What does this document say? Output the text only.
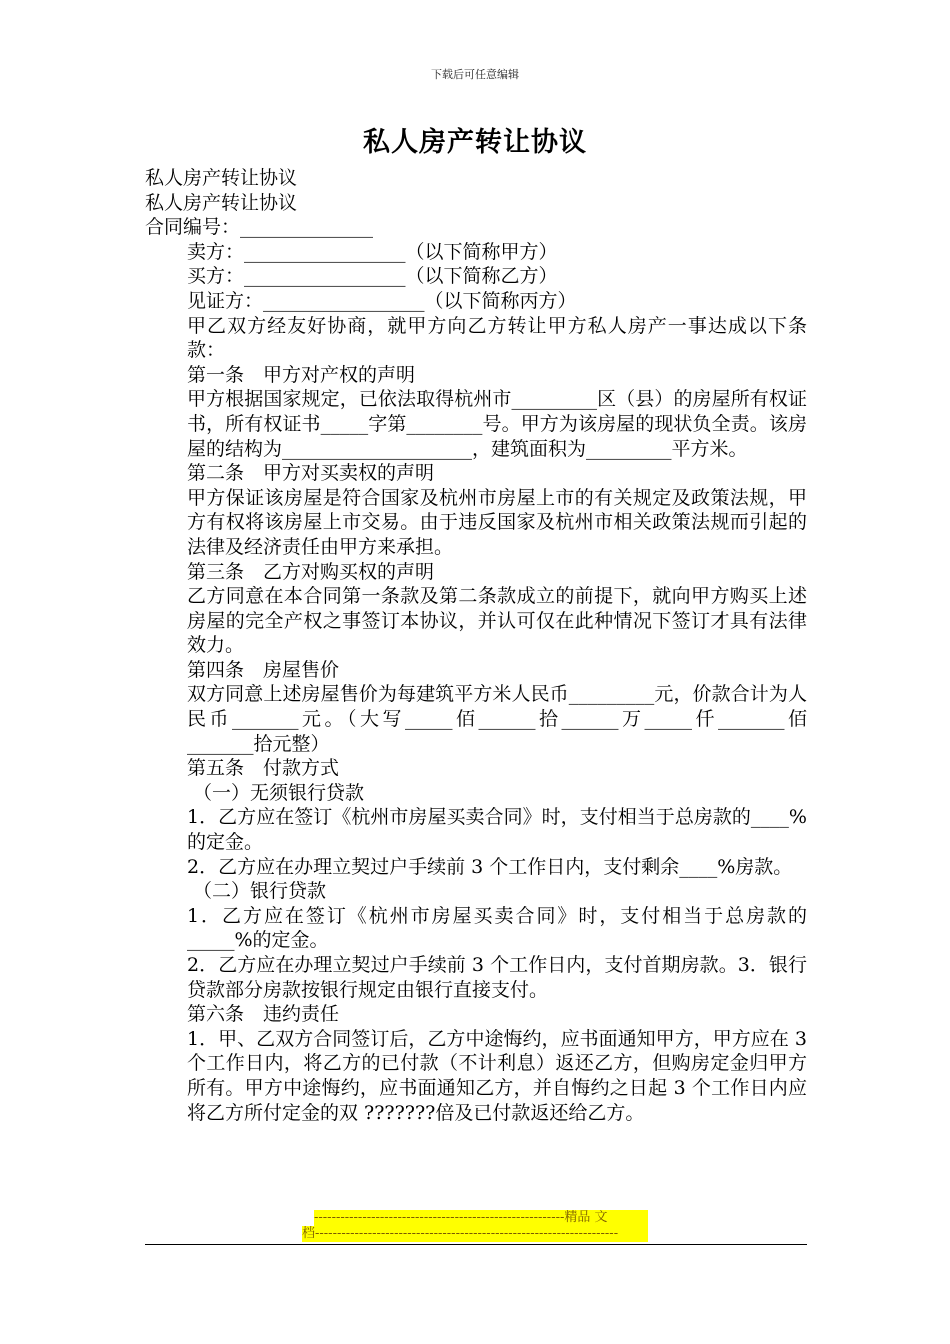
下载后可任意编辑
私人房产转让协议
私人房产转让协议
私人房产转让协议
合同编号：______________
卖方：_________________（以下简称甲方）
买方：_________________（以下简称乙方）
见证方：_________________（以下简称丙方）
甲乙双方经友好协商，就甲方向乙方转让甲方私人房产一事达成以下条款：
第一条　甲方对产权的声明
甲方根据国家规定，已依法取得杭州市_________区（县）的房屋所有权证书，所有权证书_____字第________号。甲方为该房屋的现状负全责。该房屋的结构为____________________，建筑面积为_________平方米。
第二条　甲方对买卖权的声明
甲方保证该房屋是符合国家及杭州市房屋上市的有关规定及政策法规，甲方有权将该房屋上市交易。由于违反国家及杭州市相关政策法规而引起的法律及经济责任由甲方来承担。
第三条　乙方对购买权的声明
乙方同意在本合同第一条款及第二条款成立的前提下，就向甲方购买上述房屋的完全产权之事签订本协议，并认可仅在此种情况下签订才具有法律效力。
第四条　房屋售价
双方同意上述房屋售价为每建筑平方米人民币_________元，价款合计为人民币_______元。（大写_____佰______拾______万_____仟_______佰_______拾元整）
第五条　付款方式
（一）无须银行贷款
1．乙方应在签订《杭州市房屋买卖合同》时，支付相当于总房款的____%的定金。
2．乙方应在办理立契过户手续前 3 个工作日内，支付剩余____%房款。
（二）银行贷款
1．乙方应在签订《杭州市房屋买卖合同》时，支付相当于总房款的_____%的定金。
2．乙方应在办理立契过户手续前 3 个工作日内，支付首期房款。3．银行贷款部分房款按银行规定由银行直接支付。
第六条　违约责任
1．甲、乙双方合同签订后，乙方中途悔约，应书面通知甲方，甲方应在 3 个工作日内，将乙方的已付款（不计利息）返还乙方，但购房定金归甲方所有。甲方中途悔约，应书面通知乙方，并自悔约之日起 3 个工作日内应将乙方所付定金的双 ???????倍及已付款返还给乙方。
---------------------------------------------------------精品 文
档---------------------------------------------------------------------
